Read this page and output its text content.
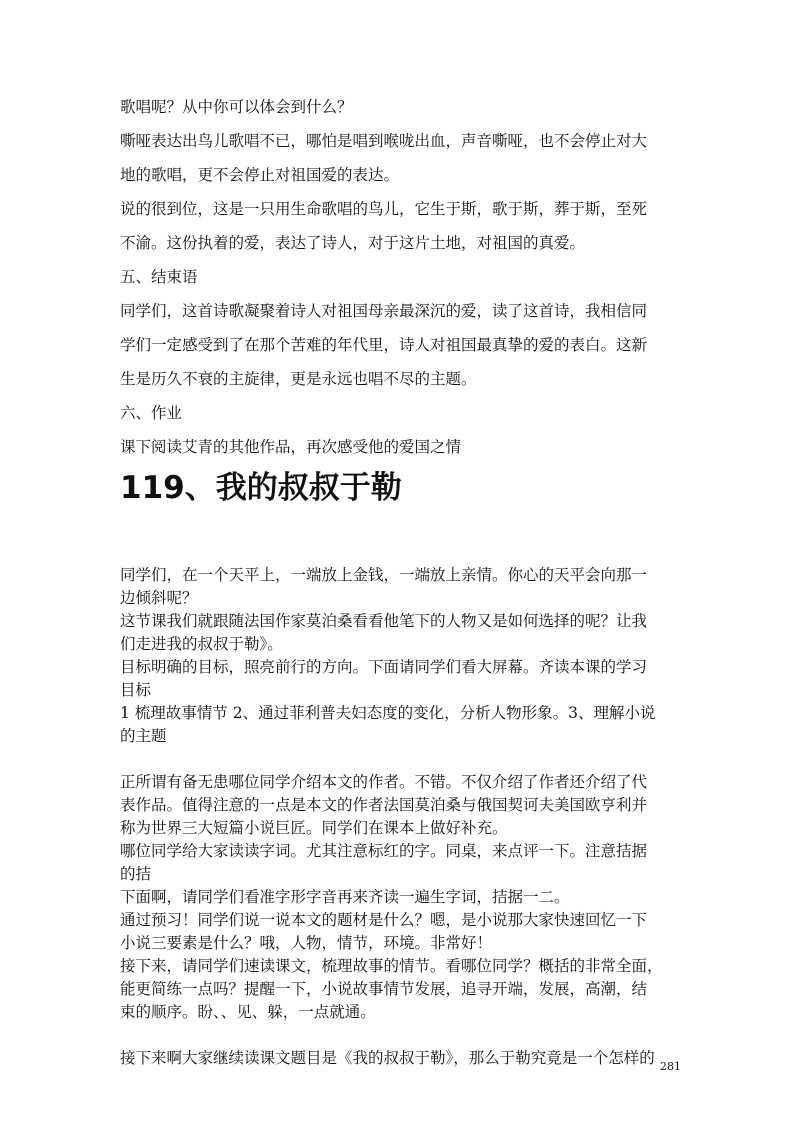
歌唱呢？从中你可以体会到什么？

嘶哑表达出鸟儿歌唱不已，哪怕是唱到喉咙出血，声音嘶哑，也不会停止对大

地的歌唱，更不会停止对祖国爱的表达。

说的很到位，这是一只用生命歌唱的鸟儿，它生于斯，歌于斯，葬于斯，至死

不渝。这份执着的爱，表达了诗人，对于这片土地，对祖国的真爱。

五、结束语

同学们，这首诗歌凝聚着诗人对祖国母亲最深沉的爱，读了这首诗，我相信同

学们一定感受到了在那个苦难的年代里，诗人对祖国最真挚的爱的表白。这新

生是历久不衰的主旋律，更是永远也唱不尽的主题。

六、作业

课下阅读艾青的其他作品，再次感受他的爱国之情

119、我的叔叔于勒

同学们，在一个天平上，一端放上金钱，一端放上亲情。你心的天平会向那一

边倾斜呢？

这节课我们就跟随法国作家莫泊桑看看他笔下的人物又是如何选择的呢？让我

们走进我的叔叔于勒》。

目标明确的目标，照亮前行的方向。下面请同学们看大屏幕。齐读本课的学习

目标

1 梳理故事情节 2、通过菲利普夫妇态度的变化，分析人物形象。3、理解小说

的主题

正所谓有备无患哪位同学介绍本文的作者。不错。不仅介绍了作者还介绍了代

表作品。值得注意的一点是本文的作者法国莫泊桑与俄国契诃夫美国欧亨利并

称为世界三大短篇小说巨匠。同学们在课本上做好补充。

哪位同学给大家读读字词。尤其注意标红的字。同桌，来点评一下。注意拮据

的拮

下面啊，请同学们看准字形字音再来齐读一遍生字词，拮据一二。

通过预习！同学们说一说本文的题材是什么？嗯，是小说那大家快速回忆一下

小说三要素是什么？哦，人物，情节，环境。非常好！

接下来，请同学们速读课文，梳理故事的情节。看哪位同学？概括的非常全面，

能更简练一点吗？提醒一下，小说故事情节发展，追寻开端，发展，高潮，结

束的顺序。盼、、见、躲，一点就通。

接下来啊大家继续读课文题目是《我的叔叔于勒》，那么于勒究竟是一个怎样的 281
